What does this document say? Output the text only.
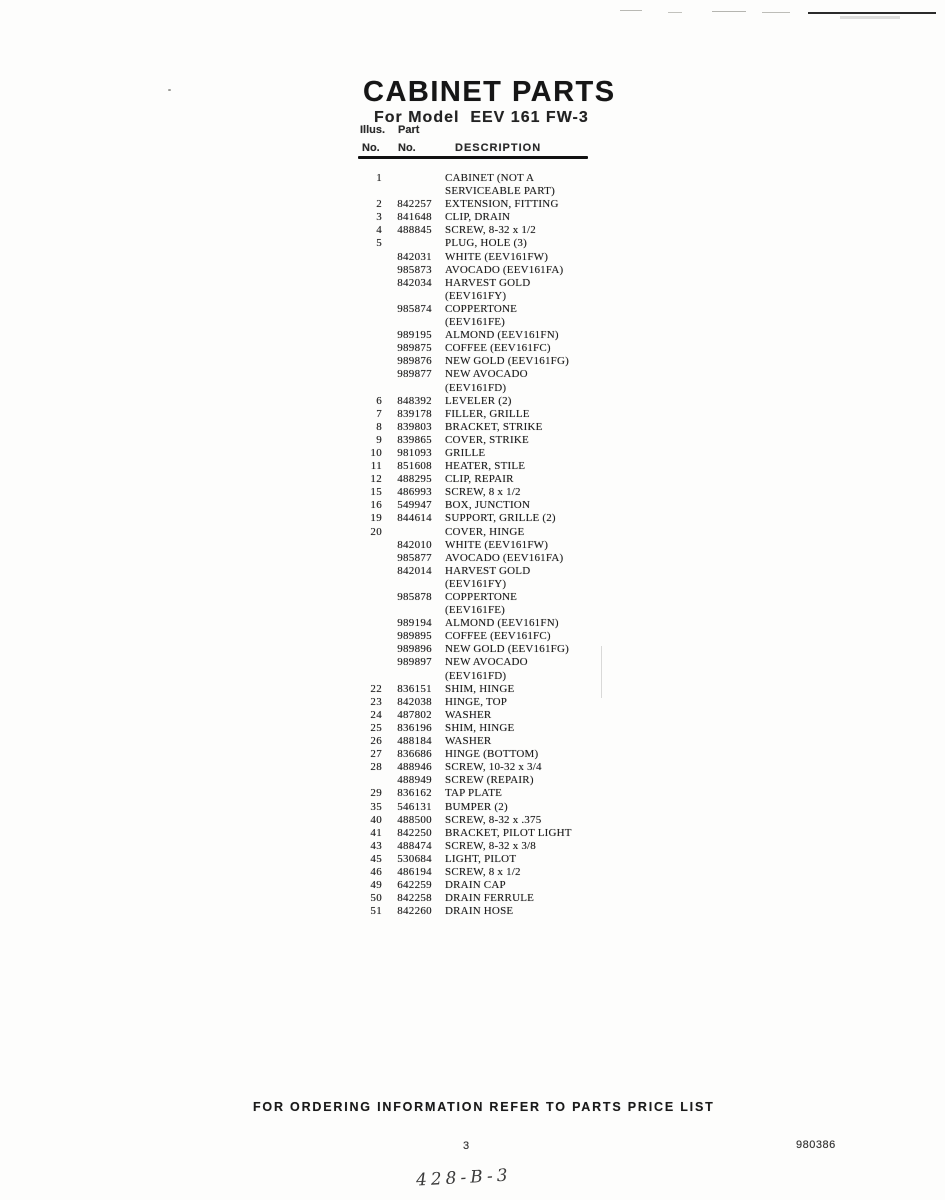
CABINET PARTS
For Model  EEV 161 FW-3
Illus. Part
No. No.	DESCRIPTION
1	CABINET (NOT A
SERVICEABLE PART)
2	842257 EXTENSION, FITTING
3	841648 CLIP, DRAIN
4	488845 SCREW, 8-32 x 1/2
5	PLUG, HOLE (3)
842031 WHITE (EEV161FW)
985873 AVOCADO (EEV161FA)
842034 HARVEST GOLD
(EEV161FY)
985874 COPPERTONE
(EEV161FE)
989195 ALMOND (EEV161FN)
989875 COFFEE (EEV161FC)
989876 NEW GOLD (EEV161FG)
989877 NEW AVOCADO
(EEV161FD)
6	848392 LEVELER (2)
7	839178 FILLER, GRILLE
8	839803 BRACKET, STRIKE
9	839865 COVER, STRIKE
10	981093 GRILLE
11	851608 HEATER, STILE
12	488295 CLIP, REPAIR
15	486993 SCREW, 8 x 1/2
16	549947 BOX, JUNCTION
19	844614 SUPPORT, GRILLE (2)
20	COVER, HINGE
842010 WHITE (EEV161FW)
985877 AVOCADO (EEV161FA)
842014 HARVEST GOLD
(EEV161FY)
985878 COPPERTONE
(EEV161FE)
989194 ALMOND (EEV161FN)
989895 COFFEE (EEV161FC)
989896 NEW GOLD (EEV161FG)
989897 NEW AVOCADO
(EEV161FD)
22	836151 SHIM, HINGE
23	842038 HINGE, TOP
24	487802 WASHER
25	836196 SHIM, HINGE
26	488184 WASHER
27	836686 HINGE (BOTTOM)
28	488946 SCREW, 10-32 x 3/4
488949 SCREW (REPAIR)
29	836162 TAP PLATE
35	546131 BUMPER (2)
40	488500 SCREW, 8-32 x .375
41	842250 BRACKET, PILOT LIGHT
43	488474 SCREW, 8-32 x 3/8
45	530684 LIGHT, PILOT
46	486194 SCREW, 8 x 1/2
49	642259 DRAIN CAP
50	842258 DRAIN FERRULE
51	842260 DRAIN HOSE
FOR ORDERING INFORMATION REFER TO PARTS PRICE LIST
3	980386
428-B-3
